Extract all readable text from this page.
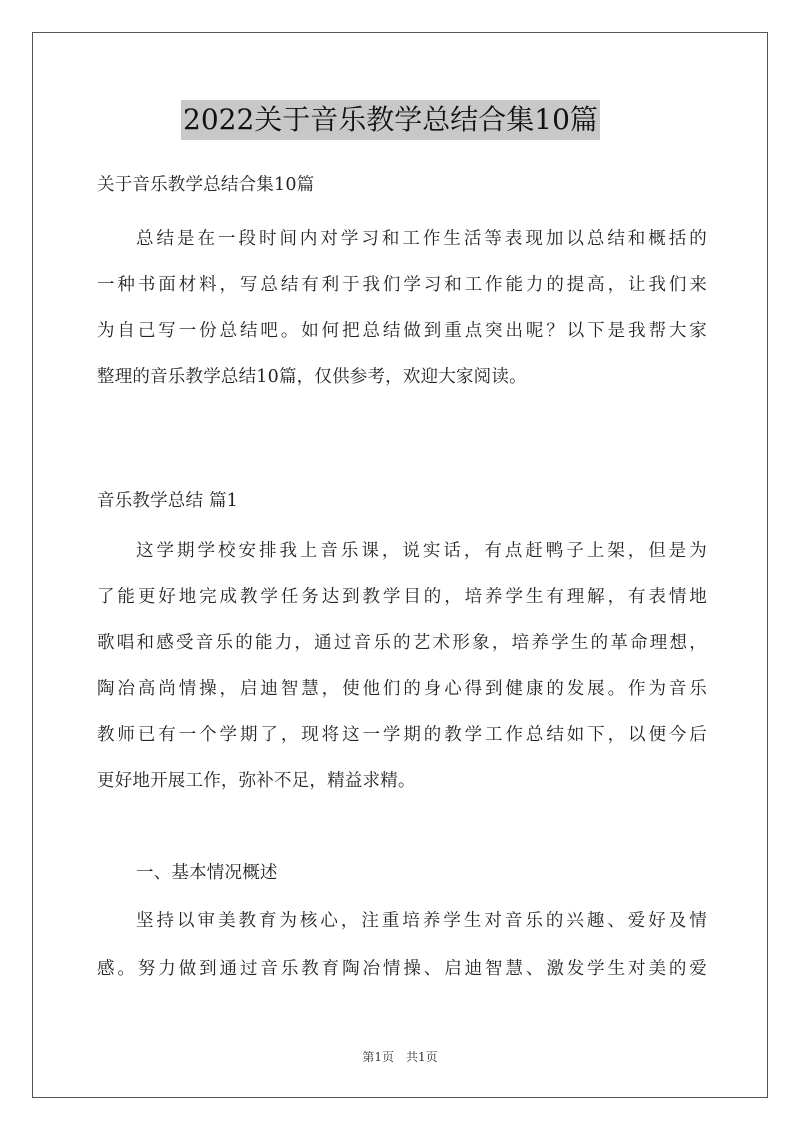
2022关于音乐教学总结合集10篇
关于音乐教学总结合集10篇
总结是在一段时间内对学习和工作生活等表现加以总结和概括的
一种书面材料，写总结有利于我们学习和工作能力的提高，让我们来
为自己写一份总结吧。如何把总结做到重点突出呢？以下是我帮大家
整理的音乐教学总结10篇，仅供参考，欢迎大家阅读。
音乐教学总结 篇1
这学期学校安排我上音乐课，说实话，有点赶鸭子上架，但是为
了能更好地完成教学任务达到教学目的，培养学生有理解，有表情地
歌唱和感受音乐的能力，通过音乐的艺术形象，培养学生的革命理想，
陶冶高尚情操，启迪智慧，使他们的身心得到健康的发展。作为音乐
教师已有一个学期了，现将这一学期的教学工作总结如下，以便今后
更好地开展工作，弥补不足，精益求精。
一、基本情况概述
坚持以审美教育为核心，注重培养学生对音乐的兴趣、爱好及情
感。努力做到通过音乐教育陶冶情操、启迪智慧、激发学生对美的爱
第1页　共1页
